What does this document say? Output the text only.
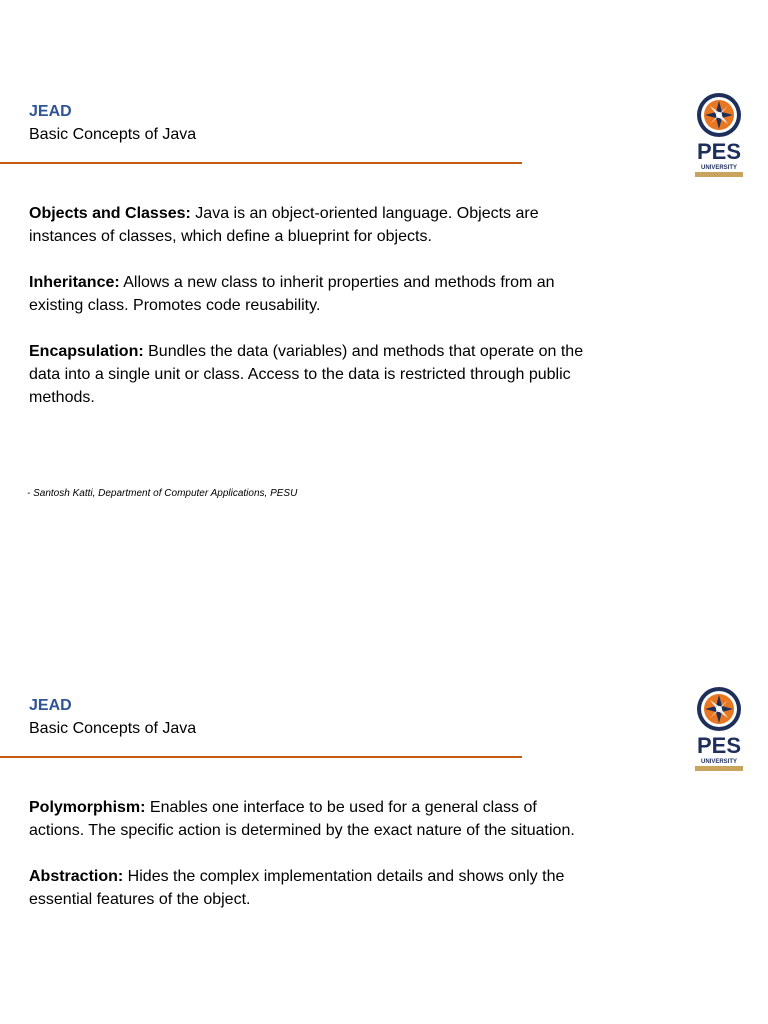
JEAD
Basic Concepts of Java
PES
UNIVERSITY

Objects and Classes: Java is an object-oriented language. Objects are instances of classes, which define a blueprint for objects.

Inheritance: Allows a new class to inherit properties and methods from an existing class. Promotes code reusability.

Encapsulation: Bundles the data (variables) and methods that operate on the data into a single unit or class. Access to the data is restricted through public methods.

- Santosh Katti, Department of Computer Applications, PESU
JEAD
Basic Concepts of Java
PES
UNIVERSITY

Polymorphism: Enables one interface to be used for a general class of actions. The specific action is determined by the exact nature of the situation.

Abstraction: Hides the complex implementation details and shows only the essential features of the object.
